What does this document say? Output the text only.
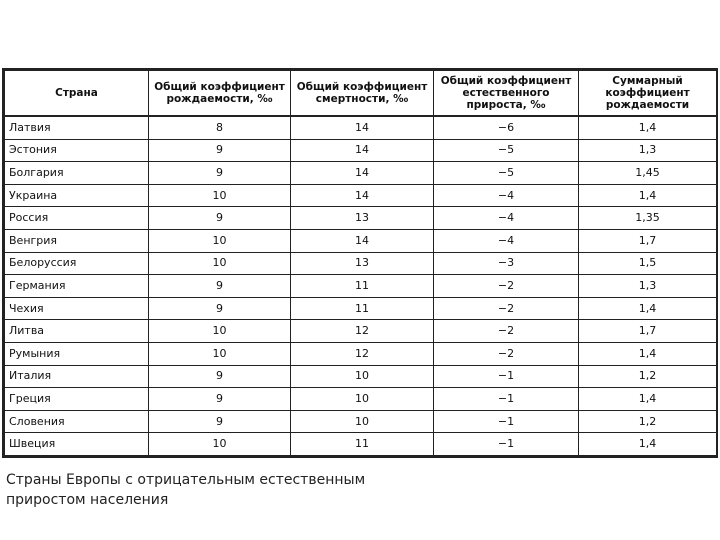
Страна	Общий коэффициент рождаемости, ‰	Общий коэффициент смертности, ‰	Общий коэффициент естественного прироста, ‰	Суммарный коэффициент рождаемости
Латвия	8	14	−6	1,4
Эстония	9	14	−5	1,3
Болгария	9	14	−5	1,45
Украина	10	14	−4	1,4
Россия	9	13	−4	1,35
Венгрия	10	14	−4	1,7
Белоруссия	10	13	−3	1,5
Германия	9	11	−2	1,3
Чехия	9	11	−2	1,4
Литва	10	12	−2	1,7
Румыния	10	12	−2	1,4
Италия	9	10	−1	1,2
Греция	9	10	−1	1,4
Словения	9	10	−1	1,2
Швеция	10	11	−1	1,4
Страны Европы с отрицательным естественным приростом населения
